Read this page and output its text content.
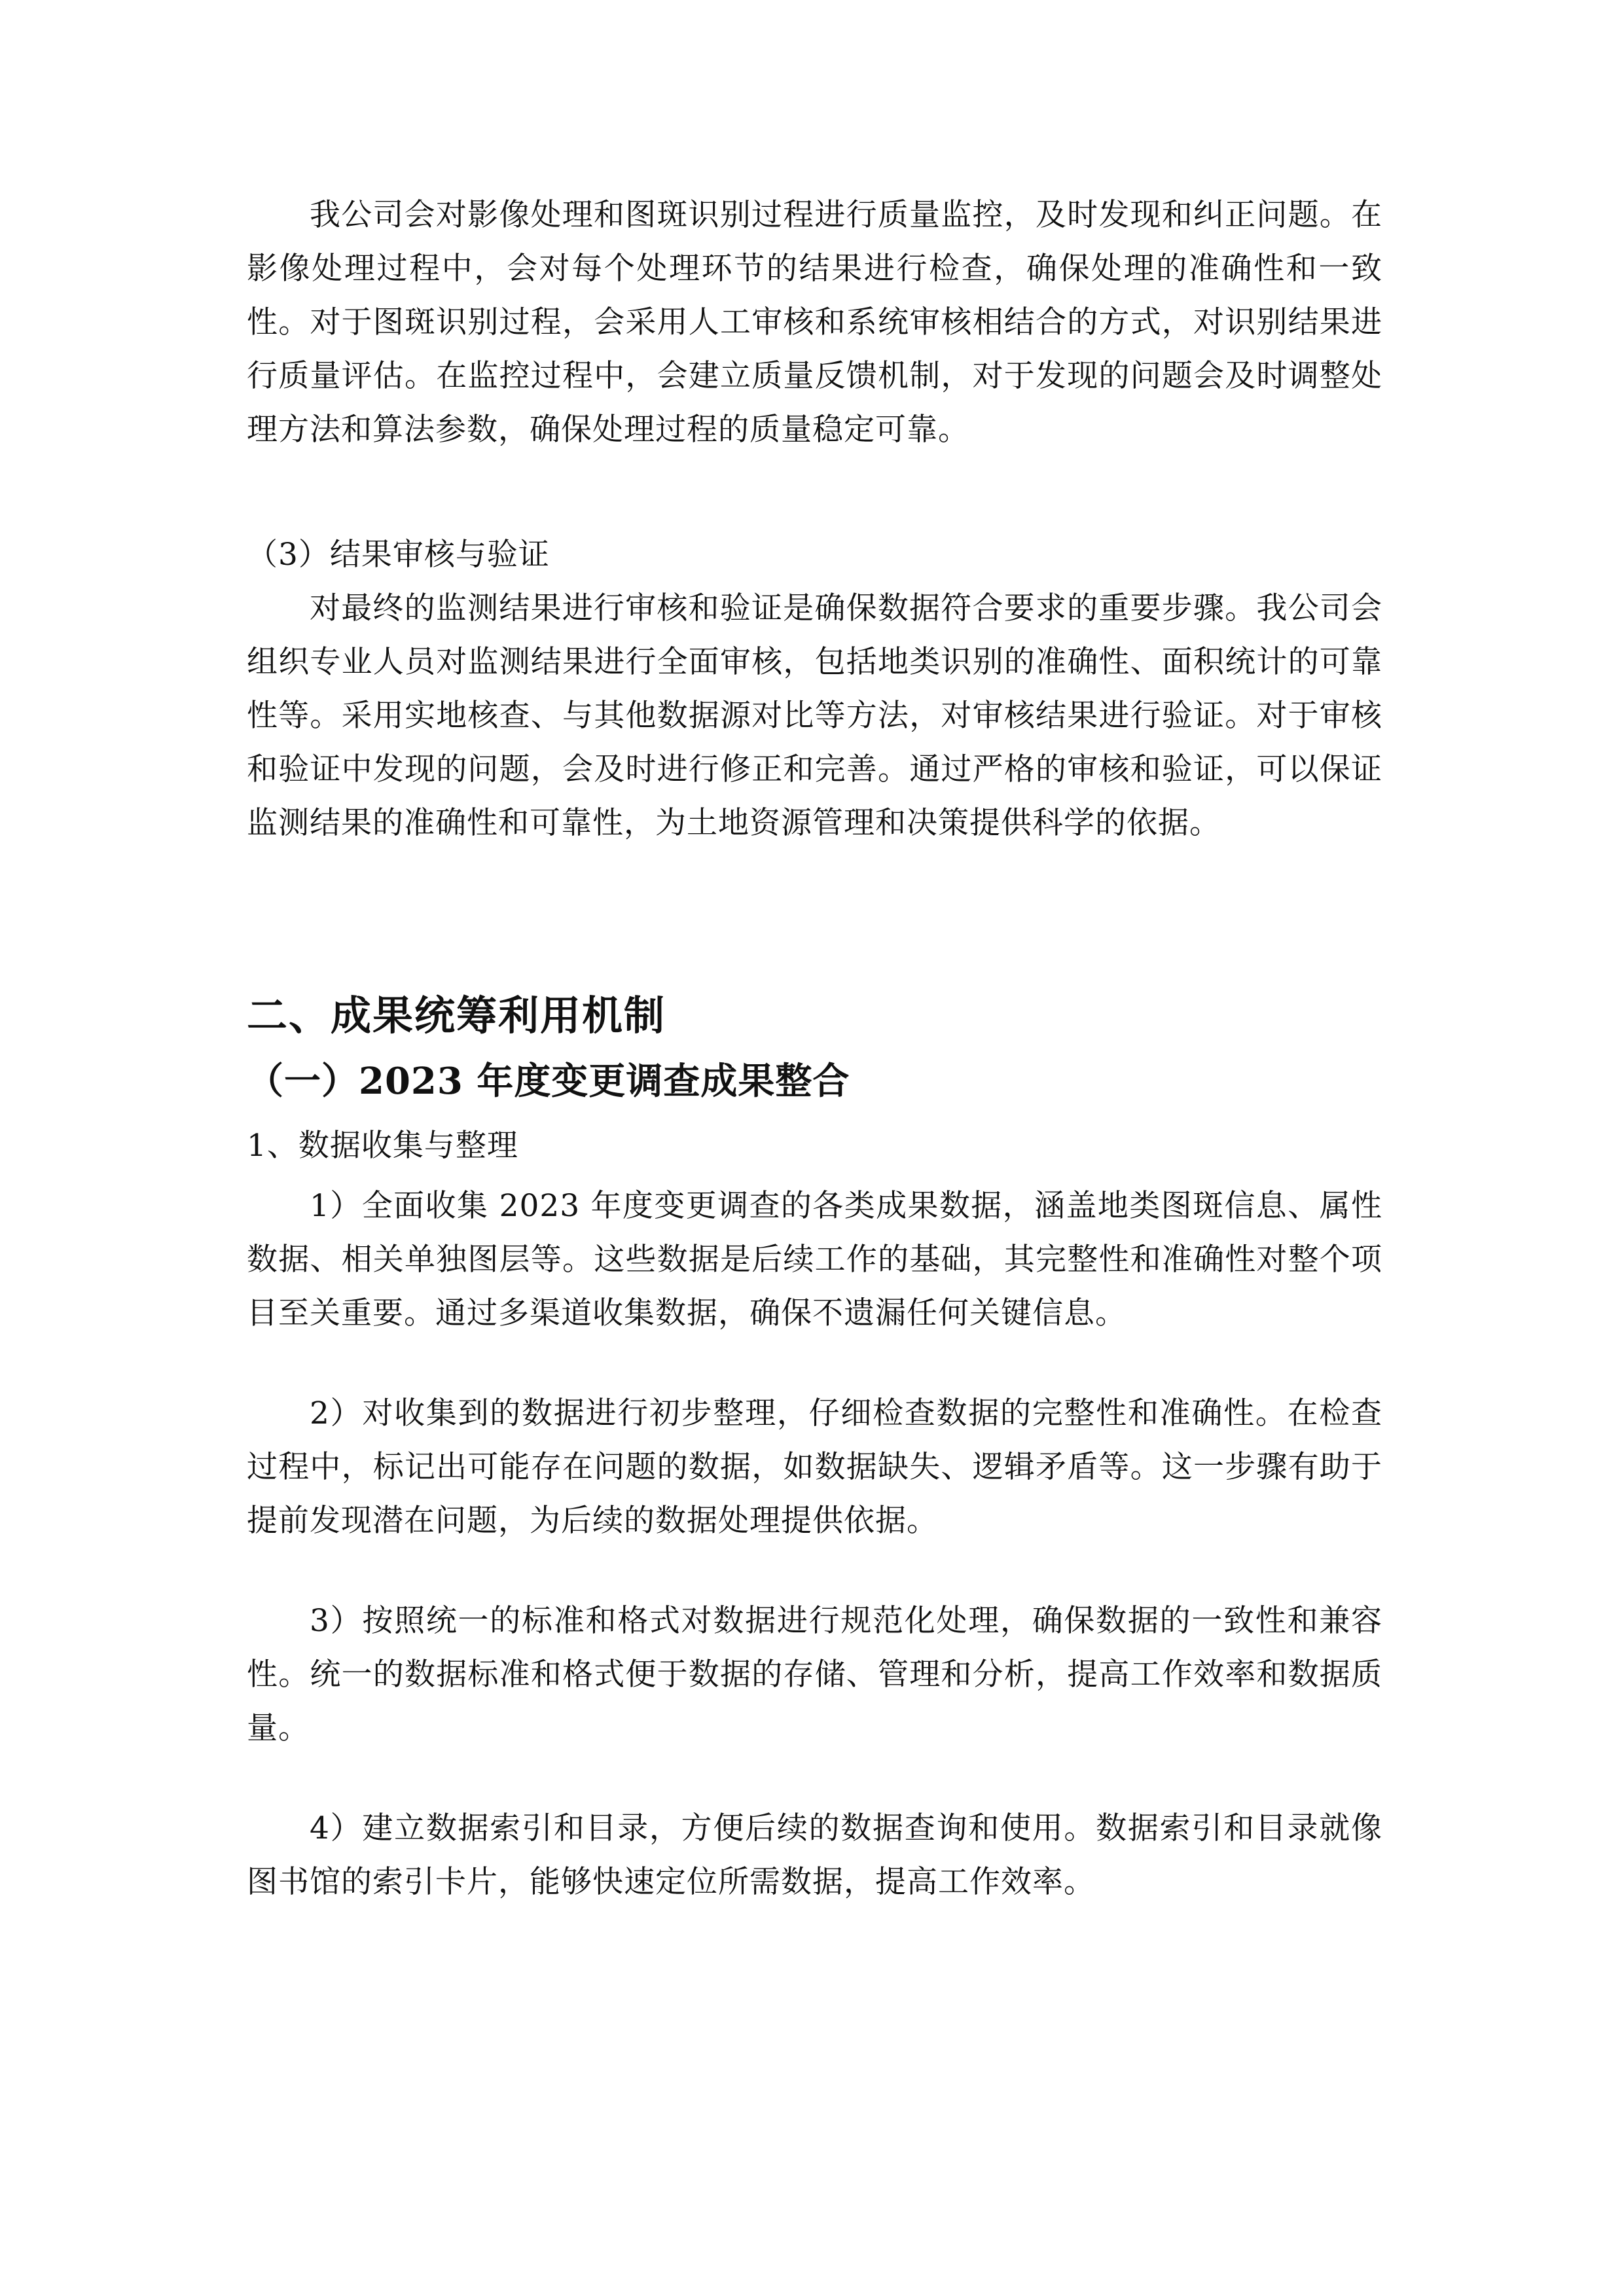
我公司会对影像处理和图斑识别过程进行质量监控，及时发现和纠正问题。在影像处理过程中，会对每个处理环节的结果进行检查，确保处理的准确性和一致性。对于图斑识别过程，会采用人工审核和系统审核相结合的方式，对识别结果进行质量评估。在监控过程中，会建立质量反馈机制，对于发现的问题会及时调整处理方法和算法参数，确保处理过程的质量稳定可靠。

（3）结果审核与验证

对最终的监测结果进行审核和验证是确保数据符合要求的重要步骤。我公司会组织专业人员对监测结果进行全面审核，包括地类识别的准确性、面积统计的可靠性等。采用实地核查、与其他数据源对比等方法，对审核结果进行验证。对于审核和验证中发现的问题，会及时进行修正和完善。通过严格的审核和验证，可以保证监测结果的准确性和可靠性，为土地资源管理和决策提供科学的依据。

二、成果统筹利用机制
（一）2023 年度变更调查成果整合

1、数据收集与整理

1）全面收集 2023 年度变更调查的各类成果数据，涵盖地类图斑信息、属性数据、相关单独图层等。这些数据是后续工作的基础，其完整性和准确性对整个项目至关重要。通过多渠道收集数据，确保不遗漏任何关键信息。

2）对收集到的数据进行初步整理，仔细检查数据的完整性和准确性。在检查过程中，标记出可能存在问题的数据，如数据缺失、逻辑矛盾等。这一步骤有助于提前发现潜在问题，为后续的数据处理提供依据。

3）按照统一的标准和格式对数据进行规范化处理，确保数据的一致性和兼容性。统一的数据标准和格式便于数据的存储、管理和分析，提高工作效率和数据质量。

4）建立数据索引和目录，方便后续的数据查询和使用。数据索引和目录就像图书馆的索引卡片，能够快速定位所需数据，提高工作效率。
